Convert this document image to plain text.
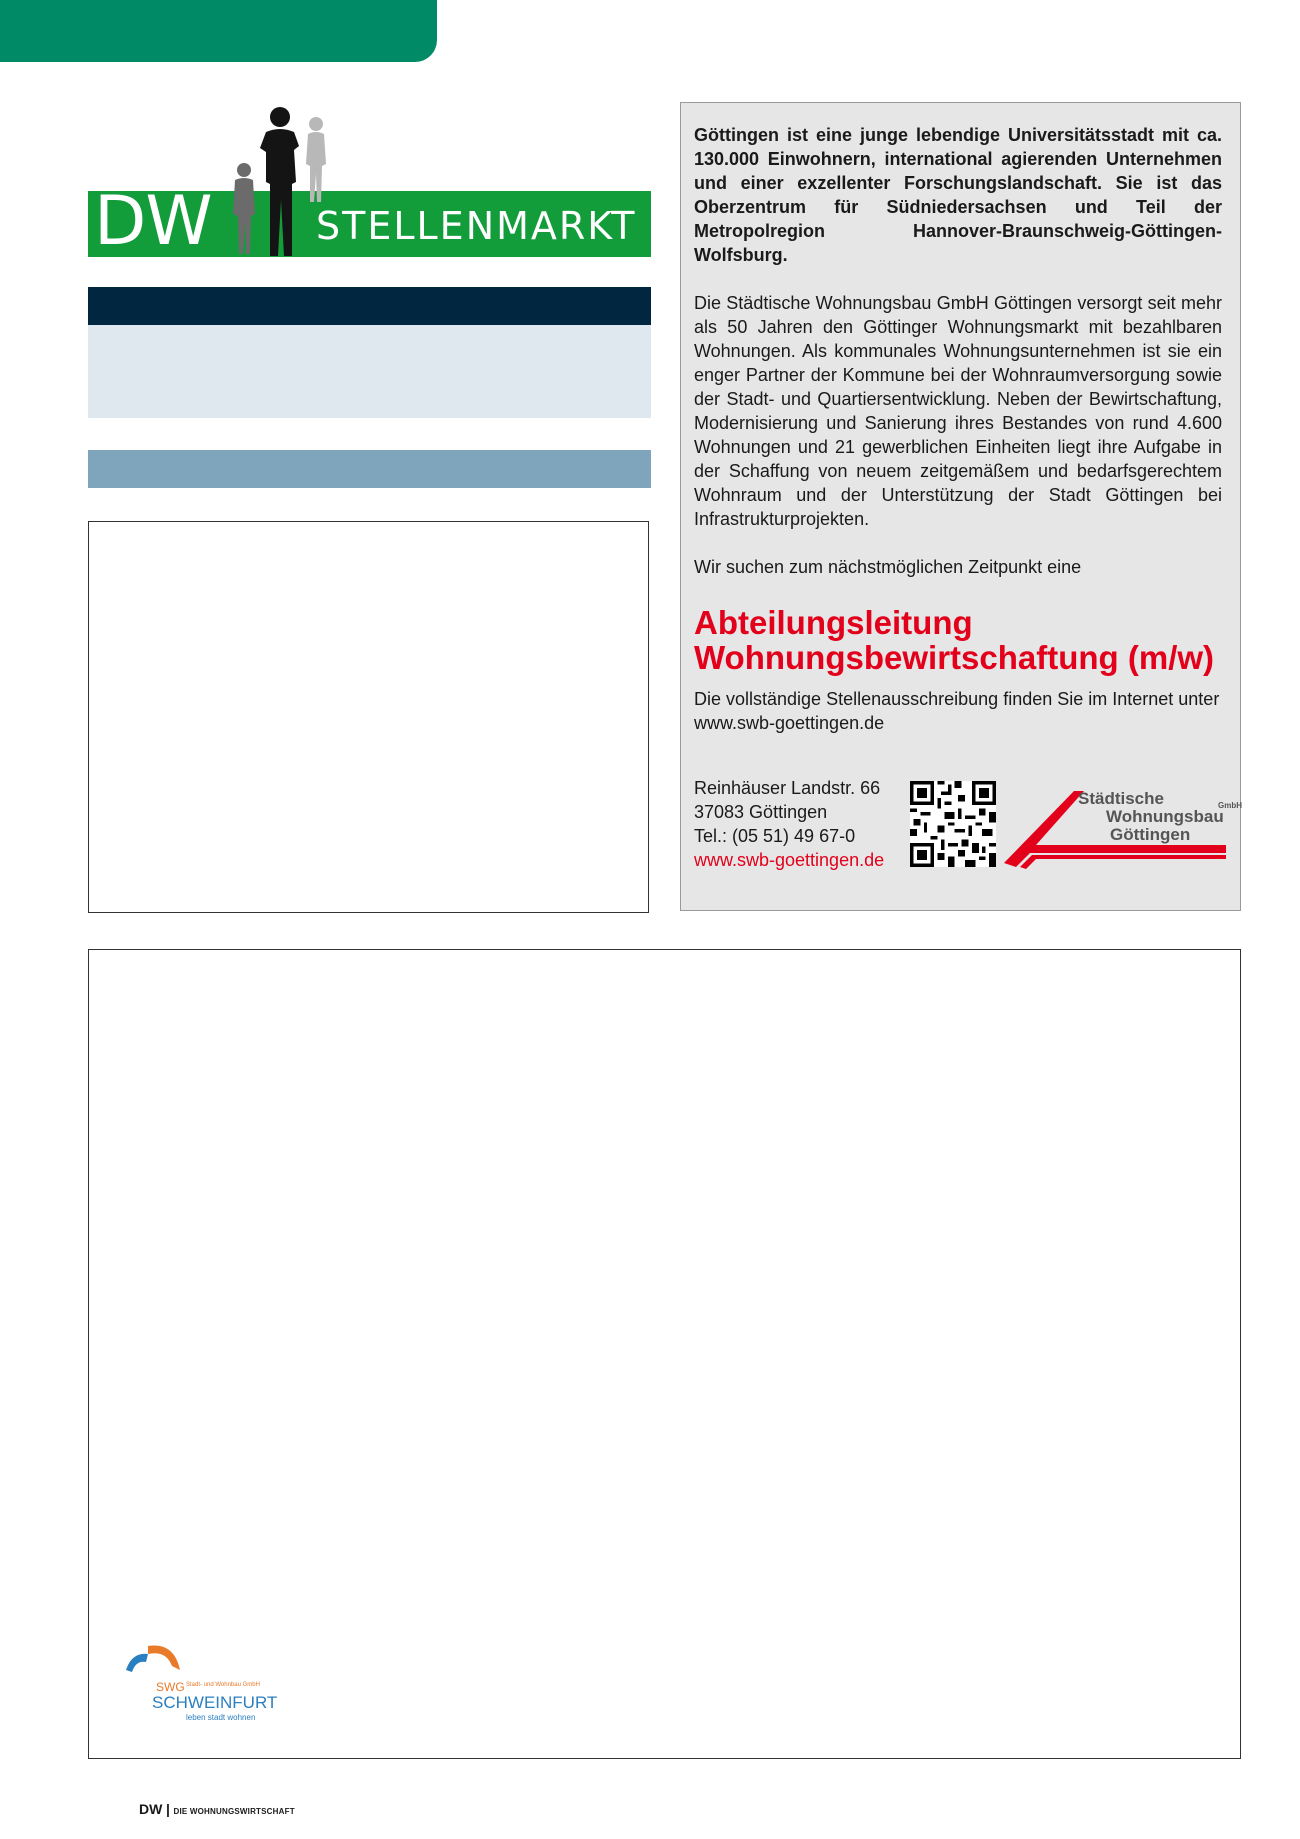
DW	STELLENMARKT

Göttingen ist eine junge lebendige Universitätsstadt mit ca. 130.000 Einwohnern, international agierenden Unternehmen und einer exzellenter Forschungslandschaft. Sie ist das Oberzentrum für Südniedersachsen und Teil der Metropolregion Hannover-Braunschweig-Göttingen-Wolfsburg.

Die Städtische Wohnungsbau GmbH Göttingen versorgt seit mehr als 50 Jahren den Göttinger Wohnungsmarkt mit bezahlbaren Wohnungen. Als kommunales Wohnungsunternehmen ist sie ein enger Partner der Kommune bei der Wohnraumversorgung sowie der Stadt- und Quartiersentwicklung. Neben der Bewirtschaftung, Modernisierung und Sanierung ihres Bestandes von rund 4.600 Wohnungen und 21 gewerblichen Einheiten liegt ihre Aufgabe in der Schaffung von neuem zeitgemäßem und bedarfsgerechtem Wohnraum und der Unterstützung der Stadt Göttingen bei Infrastrukturprojekten.

Wir suchen zum nächstmöglichen Zeitpunkt eine

Abteilungsleitung
Wohnungsbewirtschaftung (m/w)

Die vollständige Stellenausschreibung finden Sie im Internet unter www.swb-goettingen.de

Reinhäuser Landstr. 66
37083 Göttingen
Tel.: (05 51) 49 67-0
www.swb-goettingen.de
Städtische	GmbH
Wohnungsbau
Göttingen
SWG Stadt- und Wohnbau GmbH
SCHWEINFURT
leben stadt wohnen
DW | DIE WOHNUNGSWIRTSCHAFT
